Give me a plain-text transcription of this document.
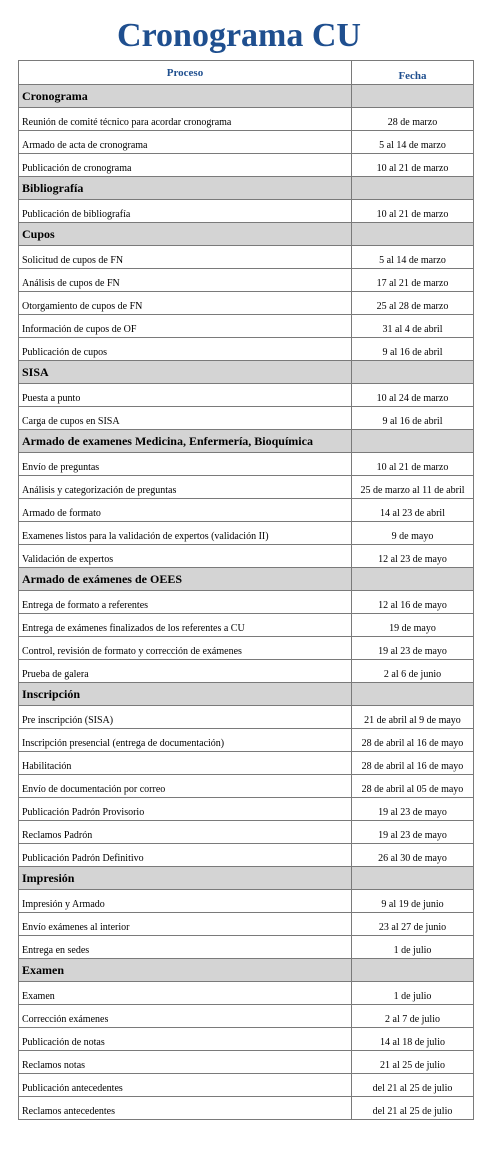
Cronograma CU
Proceso	Fecha
Cronograma	
Reunión de comité técnico para acordar cronograma	28 de marzo
Armado de acta de cronograma	5 al 14 de marzo
Publicación de cronograma	10 al 21 de marzo
Bibliografía	
Publicación de bibliografía	10 al 21 de marzo
Cupos	
Solicitud de cupos de FN	5 al 14 de marzo
Análisis de cupos de FN	17 al 21 de marzo
Otorgamiento de cupos de FN	25 al 28 de marzo
Información de cupos de OF	31 al 4 de abril
Publicación de cupos	9 al 16 de abril
SISA	
Puesta a punto	10 al 24 de marzo
Carga de cupos en SISA	9 al 16 de abril
Armado de examenes Medicina, Enfermería, Bioquímica	
Envío de preguntas	10 al 21 de marzo
Análisis y categorización de preguntas	25 de marzo al 11 de abril
Armado de formato	14 al 23 de abril
Examenes listos para la validación de expertos (validación II)	9 de mayo
Validación de expertos	12 al 23 de mayo
Armado de exámenes de OEES	
Entrega de formato a referentes	12 al 16 de mayo
Entrega de exámenes finalizados de los referentes a CU	19 de mayo
Control, revisión de formato y corrección de exámenes	19 al 23 de mayo
Prueba de galera	2 al 6 de junio
Inscripción	
Pre inscripción (SISA)	21 de abril al 9 de mayo
Inscripción presencial (entrega de documentación)	28 de abril al 16 de mayo
Habilitación	28 de abril al 16 de mayo
Envío de documentación por correo	28 de abril al 05 de mayo
Publicación Padrón Provisorio	19 al 23 de mayo
Reclamos Padrón	19 al 23 de mayo
Publicación Padrón Definitivo	26 al 30 de mayo
Impresión	
Impresión y Armado	9 al 19 de junio
Envío exámenes al interior	23 al 27 de junio
Entrega en sedes	1 de julio
Examen	
Examen	1 de julio
Corrección exámenes	2 al 7 de julio
Publicación de notas	14 al 18 de julio
Reclamos notas	21 al 25 de julio
Publicación antecedentes	del 21 al 25 de julio
Reclamos antecedentes	del 21 al 25 de julio
